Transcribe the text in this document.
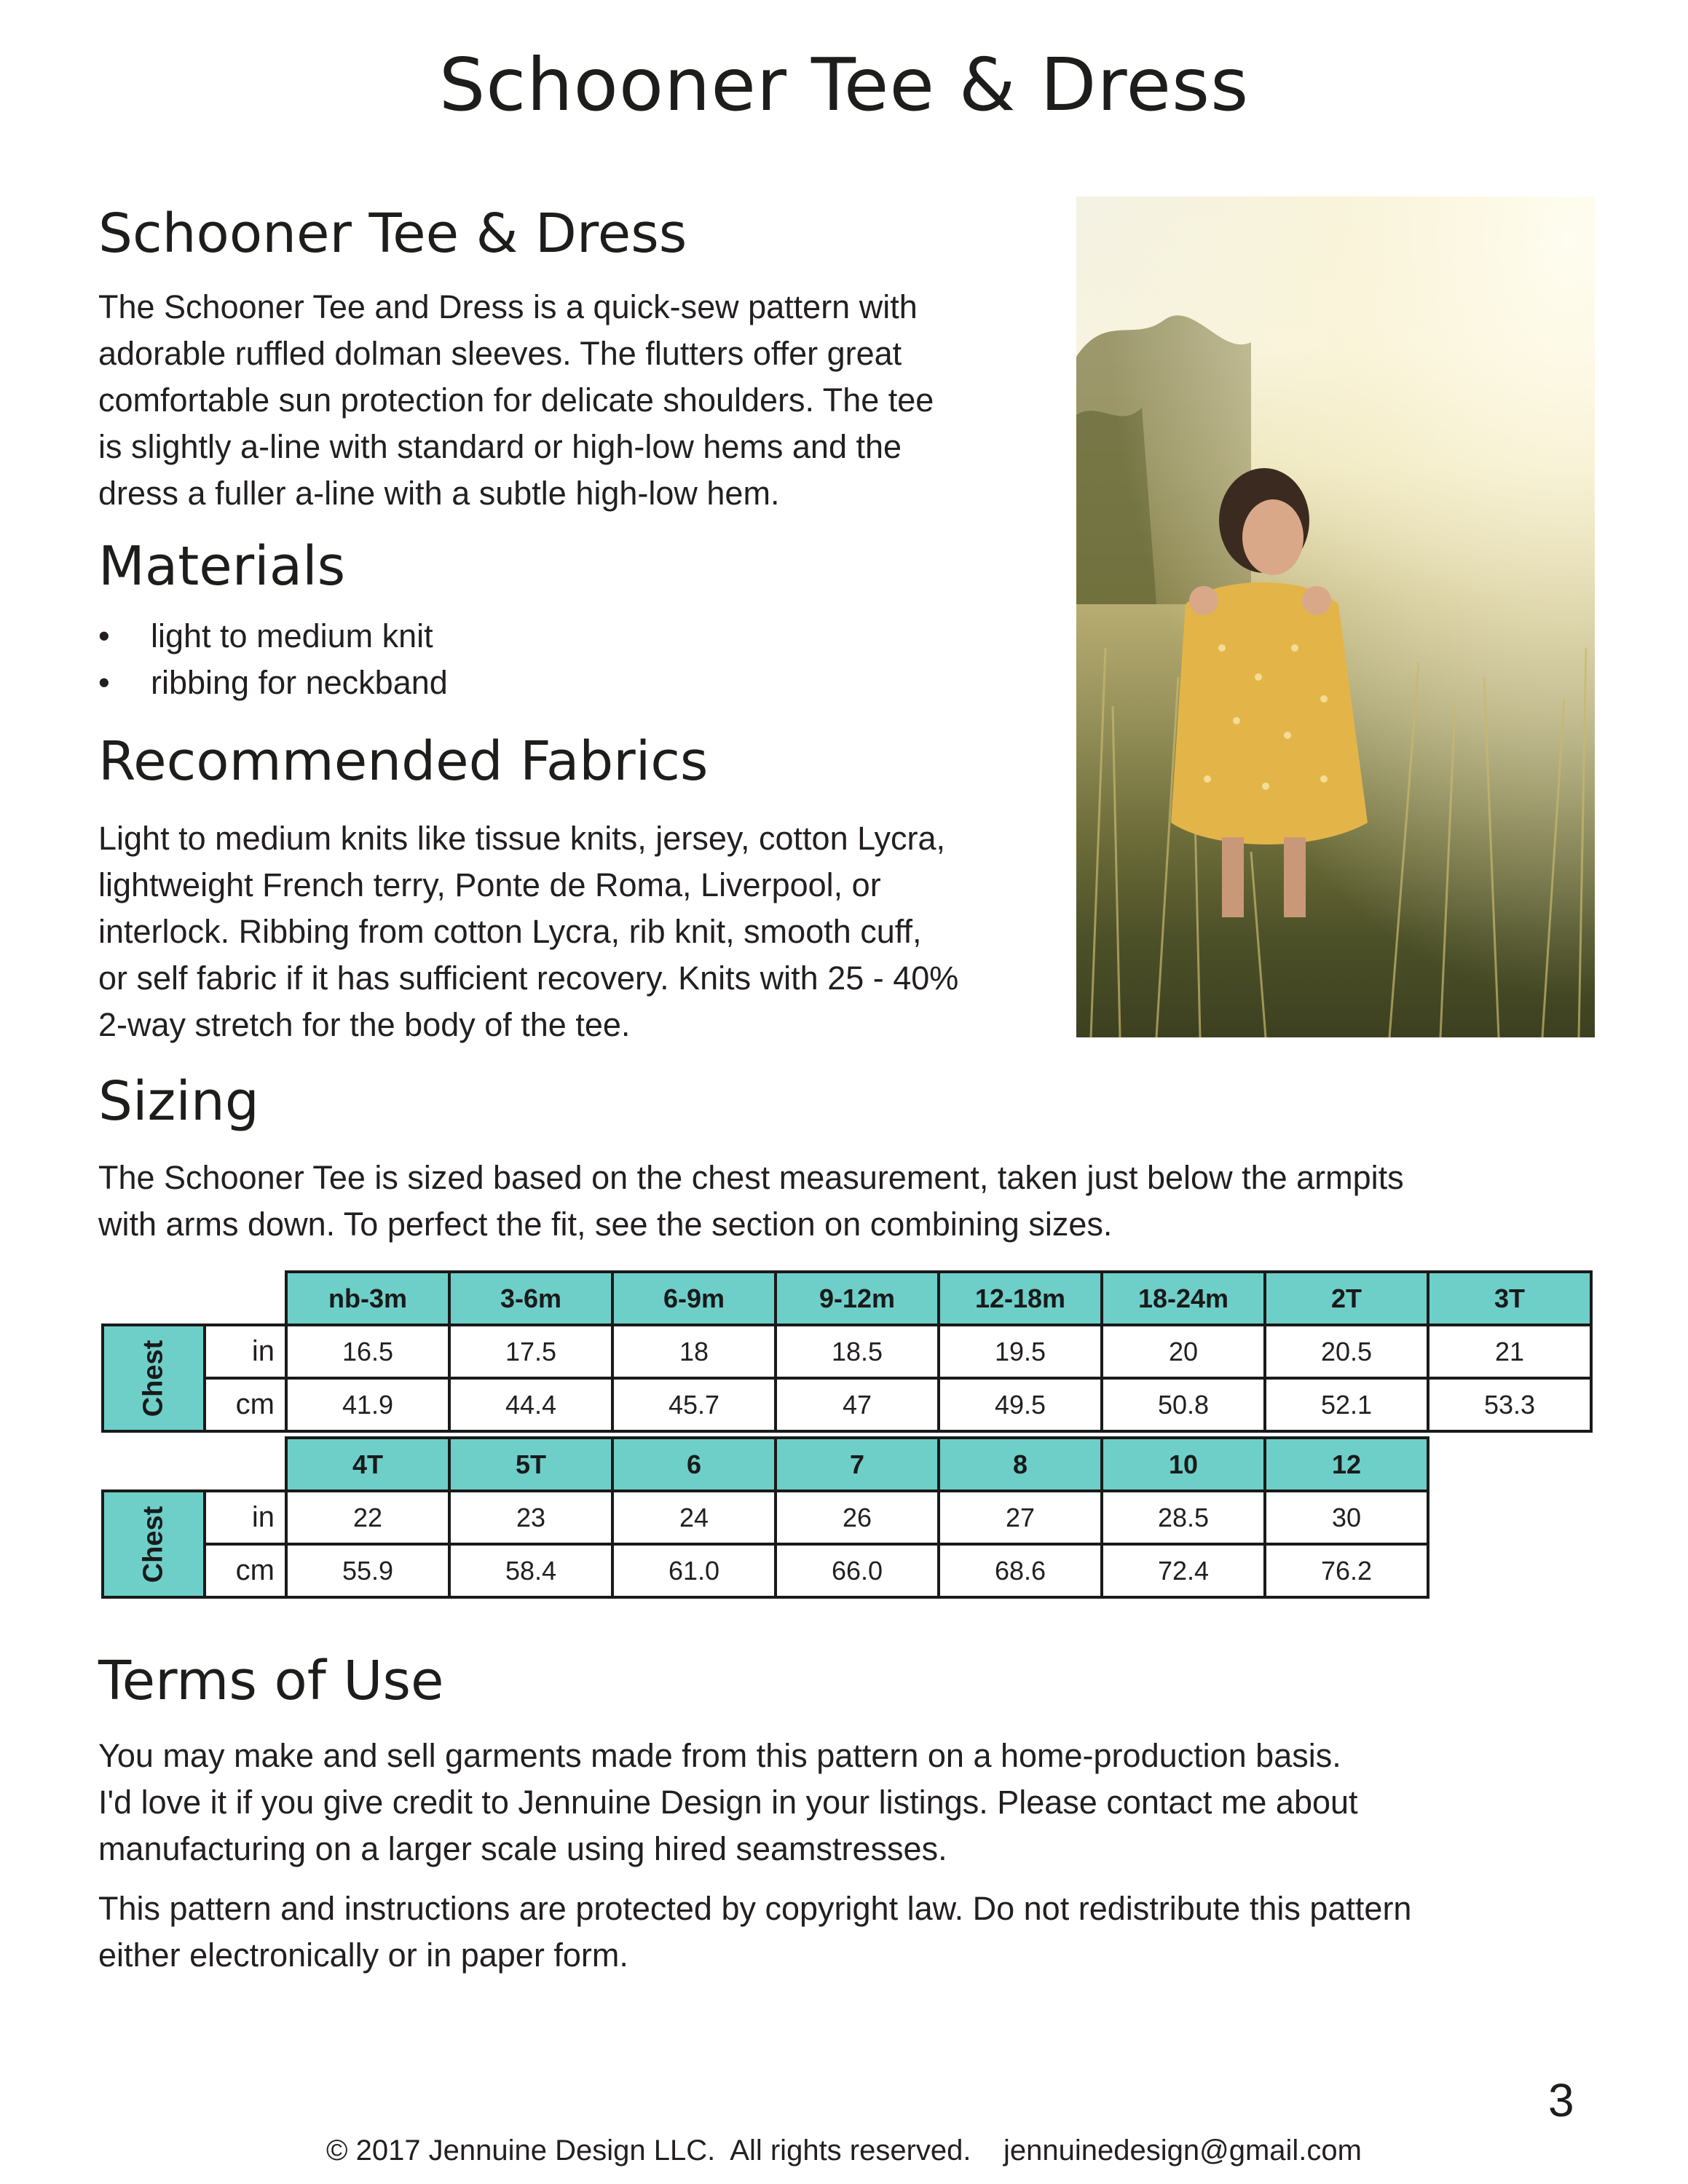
Schooner Tee & Dress
Schooner Tee & Dress
The Schooner Tee and Dress is a quick-sew pattern with
adorable ruffled dolman sleeves. The flutters offer great
comfortable sun protection for delicate shoulders. The tee
is slightly a-line with standard or high-low hems and the
dress a fuller a-line with a subtle high-low hem.
Materials
• light to medium knit
• ribbing for neckband
Recommended Fabrics
Light to medium knits like tissue knits, jersey, cotton Lycra,
lightweight French terry, Ponte de Roma, Liverpool, or
interlock. Ribbing from cotton Lycra, rib knit, smooth cuff,
or self fabric if it has sufficient recovery. Knits with 25 - 40%
2-way stretch for the body of the tee.
Sizing
The Schooner Tee is sized based on the chest measurement, taken just below the armpits
with arms down. To perfect the fit, see the section on combining sizes.
		nb-3m	3-6m	6-9m	9-12m	12-18m	18-24m	2T	3T
Chest	in	16.5	17.5	18	18.5	19.5	20	20.5	21
	cm	41.9	44.4	45.7	47	49.5	50.8	52.1	53.3
		4T	5T	6	7	8	10	12
Chest	in	22	23	24	26	27	28.5	30
	cm	55.9	58.4	61.0	66.0	68.6	72.4	76.2
Terms of Use
You may make and sell garments made from this pattern on a home-production basis.
I'd love it if you give credit to Jennuine Design in your listings. Please contact me about
manufacturing on a larger scale using hired seamstresses.
This pattern and instructions are protected by copyright law. Do not redistribute this pattern
either electronically or in paper form.
3
© 2017 Jennuine Design LLC.  All rights reserved.    jennuinedesign@gmail.com
